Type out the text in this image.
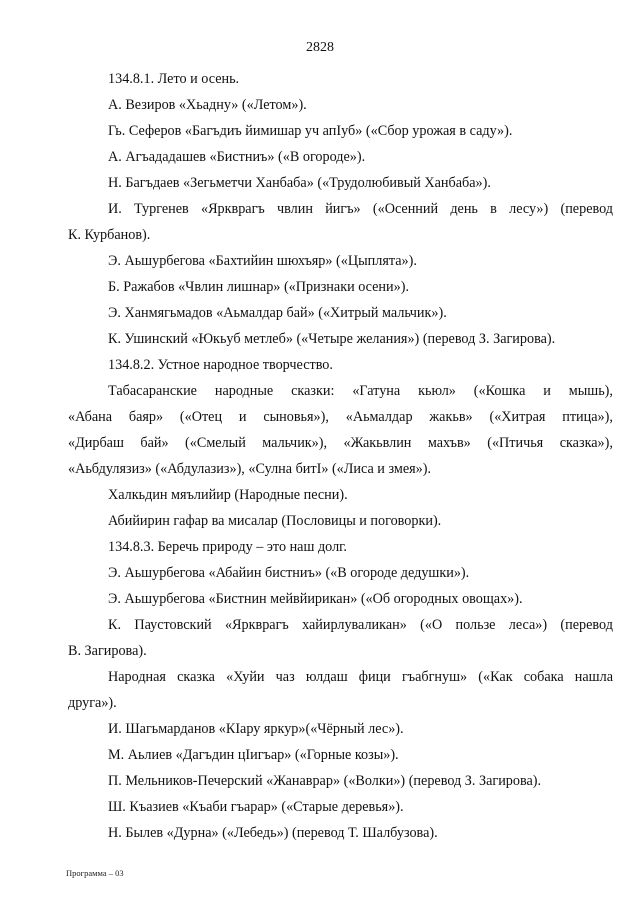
2828
134.8.1. Лето и осень.
А. Везиров «Хьадну» («Летом»).
Гь. Сеферов «Багъдиъ йимишар уч апIуб» («Сбор урожая в саду»).
А. Агъададашев «Бистниъ» («В огороде»).
Н. Багъдаев «Зегьметчи Ханбаба» («Трудолюбивый Ханбаба»).
И. Тургенев «Яркврагъ чвлин йигъ» («Осенний день в лесу») (перевод
К. Курбанов).
Э. Аьшурбегова «Бахтийин шюхъяр» («Цыплята»).
Б. Ражабов «Чвлин лишнар» («Признаки осени»).
Э. Ханмягьмадов «Аьмалдар бай» («Хитрый мальчик»).
К. Ушинский «Юкьуб метлеб» («Четыре желания») (перевод З. Загирова).
134.8.2. Устное народное творчество.
Табасаранские народные сказки: «Гатуна кьюл» («Кошка и мышь),
«Абана баяр» («Отец и сыновья»), «Аьмалдар жакьв» («Хитрая птица»),
«Дирбаш бай» («Смелый мальчик»), «Жакьвлин махъв» («Птичья сказка»),
«Аьбдулязиз» («Абдулазиз»), «Сулна битI» («Лиса и змея»).
Халкьдин мяълийир (Народные песни).
Абийирин гафар ва мисалар (Пословицы и поговорки).
134.8.3. Беречь природу – это наш долг.
Э. Аьшурбегова «Абайин бистниъ» («В огороде дедушки»).
Э. Аьшурбегова «Бистнин мейвйирикан» («Об огородных овощах»).
К. Паустовский «Яркврагъ хайирлуваликан» («О пользе леса») (перевод
В. Загирова).
Народная сказка «Хуйи чаз юлдаш фици гъабгнуш» («Как собака нашла
друга»).
И. Шагьмарданов «КIару яркур»(«Чёрный лес»).
М. Аьлиев «Дагъдин цIигъар» («Горные козы»).
П. Мельников-Печерский «Жанаврар» («Волки») (перевод З. Загирова).
Ш. Къазиев «Къаби гъарар» («Старые деревья»).
Н. Былев «Дурна» («Лебедь») (перевод Т. Шалбузова).
Программа – 03
